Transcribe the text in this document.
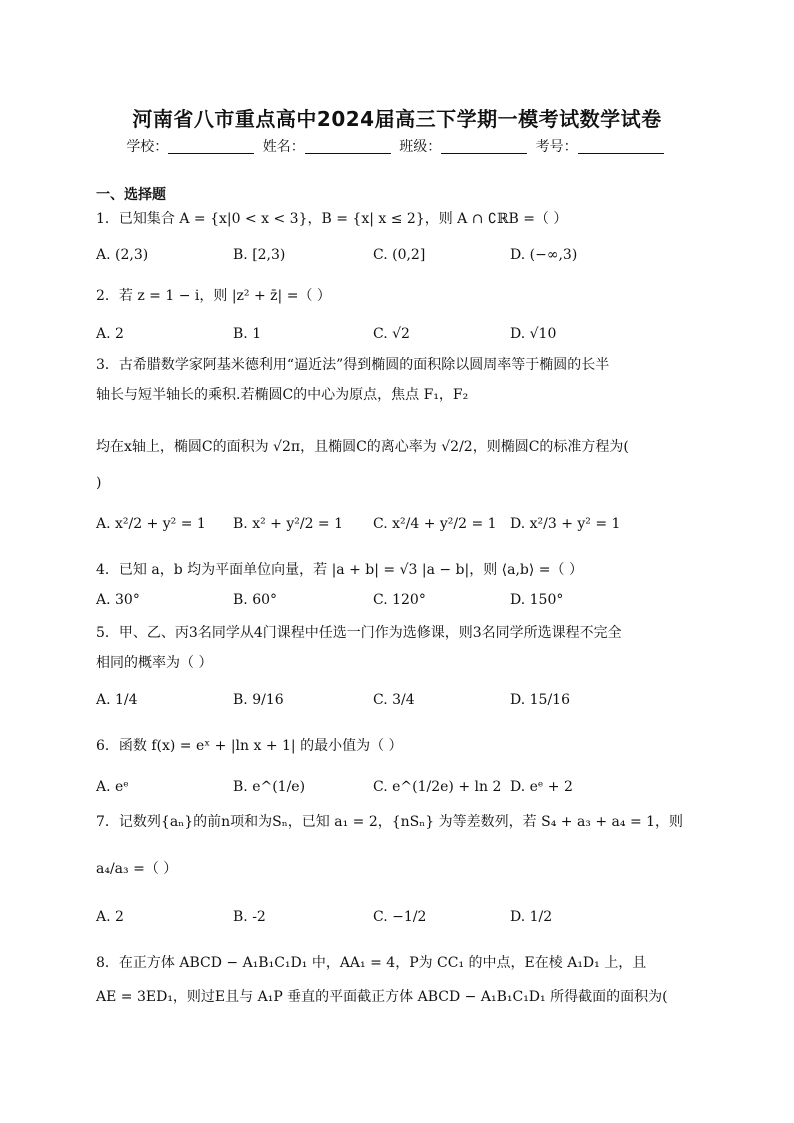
河南省八市重点高中2024届高三下学期一模考试数学试卷
学校：	姓名：	班级：	考号：
一、选择题
1．已知集合 A = {x|0 < x < 3}，B = {x| x ≤ 2}，则 A ∩ ∁ℝB =（ ）
A. (2,3)	B. [2,3)	C. (0,2]	D. (−∞,3)
2．若 z = 1 − i，则 |z² + z̄| =（ ）
A. 2	B. 1	C. √2	D. √10
3．古希腊数学家阿基米德利用“逼近法”得到椭圆的面积除以圆周率等于椭圆的长半
轴长与短半轴长的乘积.若椭圆C的中心为原点，焦点 F₁，F₂
均在x轴上，椭圆C的面积为 √2π，且椭圆C的离心率为 √2/2，则椭圆C的标准方程为(
)
A. x²/2 + y² = 1 B. x² + y²/2 = 1 C. x²/4 + y²/2 = 1 D. x²/3 + y² = 1
4．已知 a，b 均为平面单位向量，若 |a + b| = √3 |a − b|，则 ⟨a,b⟩ =（ ）
A. 30°	B. 60°	C. 120°	D. 150°
5．甲、乙、丙3名同学从4门课程中任选一门作为选修课，则3名同学所选课程不完全
相同的概率为（ ）
A. 1/4	B. 9/16	C. 3/4	D. 15/16
6．函数 f(x) = eˣ + |ln x + 1| 的最小值为（ ）
A. eᵉ	B. e^(1/e)	C. e^(1/2e) + ln 2 D. eᵉ + 2
7．记数列{aₙ}的前n项和为Sₙ，已知 a₁ = 2，{nSₙ} 为等差数列，若 S₄ + a₃ + a₄ = 1，则
a₄/a₃ =（ ）
A. 2	B. -2	C. −1/2	D. 1/2
8．在正方体 ABCD − A₁B₁C₁D₁ 中，AA₁ = 4，P为 CC₁ 的中点，E在棱 A₁D₁ 上，且
AE = 3ED₁，则过E且与 A₁P 垂直的平面截正方体 ABCD − A₁B₁C₁D₁ 所得截面的面积为(
